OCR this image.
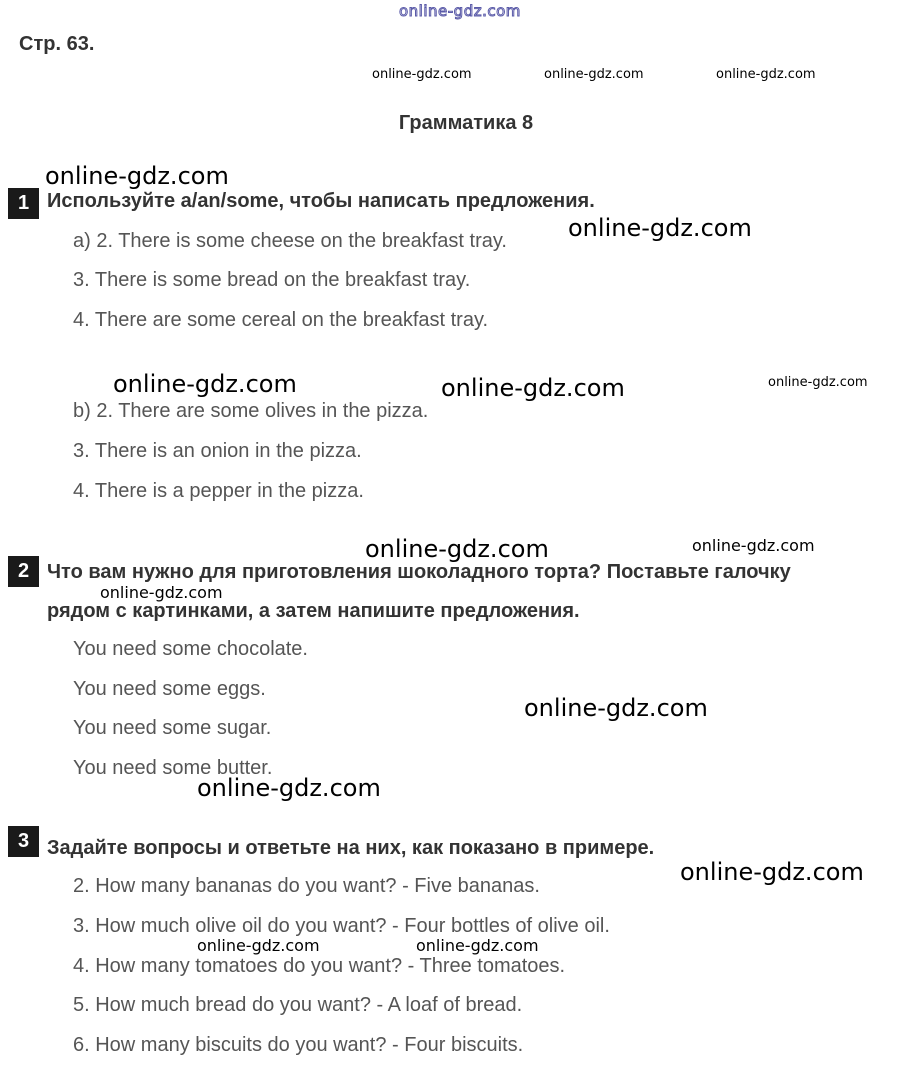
online-gdz.com
Стр. 63.
online-gdz.com	online-gdz.com	online-gdz.com
Грамматика 8
online-gdz.com
1 Используйте a/an/some, чтобы написать предложения.
a) 2. There is some cheese on the breakfast tray.	online-gdz.com
3. There is some bread on the breakfast tray.
4. There are some cereal on the breakfast tray.
online-gdz.com	online-gdz.com	online-gdz.com
b) 2. There are some olives in the pizza.
3. There is an onion in the pizza.
4. There is a pepper in the pizza.
online-gdz.com	online-gdz.com
2 Что вам нужно для приготовления шоколадного торта? Поставьте галочку
online-gdz.com
рядом с картинками, а затем напишите предложения.
You need some chocolate.
You need some eggs.
online-gdz.com
You need some sugar.
You need some butter.
online-gdz.com
3 Задайте вопросы и ответьте на них, как показано в примере.
online-gdz.com
2. How many bananas do you want? - Five bananas.
3. How much olive oil do you want? - Four bottles of olive oil.
online-gdz.com	online-gdz.com
4. How many tomatoes do you want? - Three tomatoes.
5. How much bread do you want? - A loaf of bread.
6. How many biscuits do you want? - Four biscuits.
